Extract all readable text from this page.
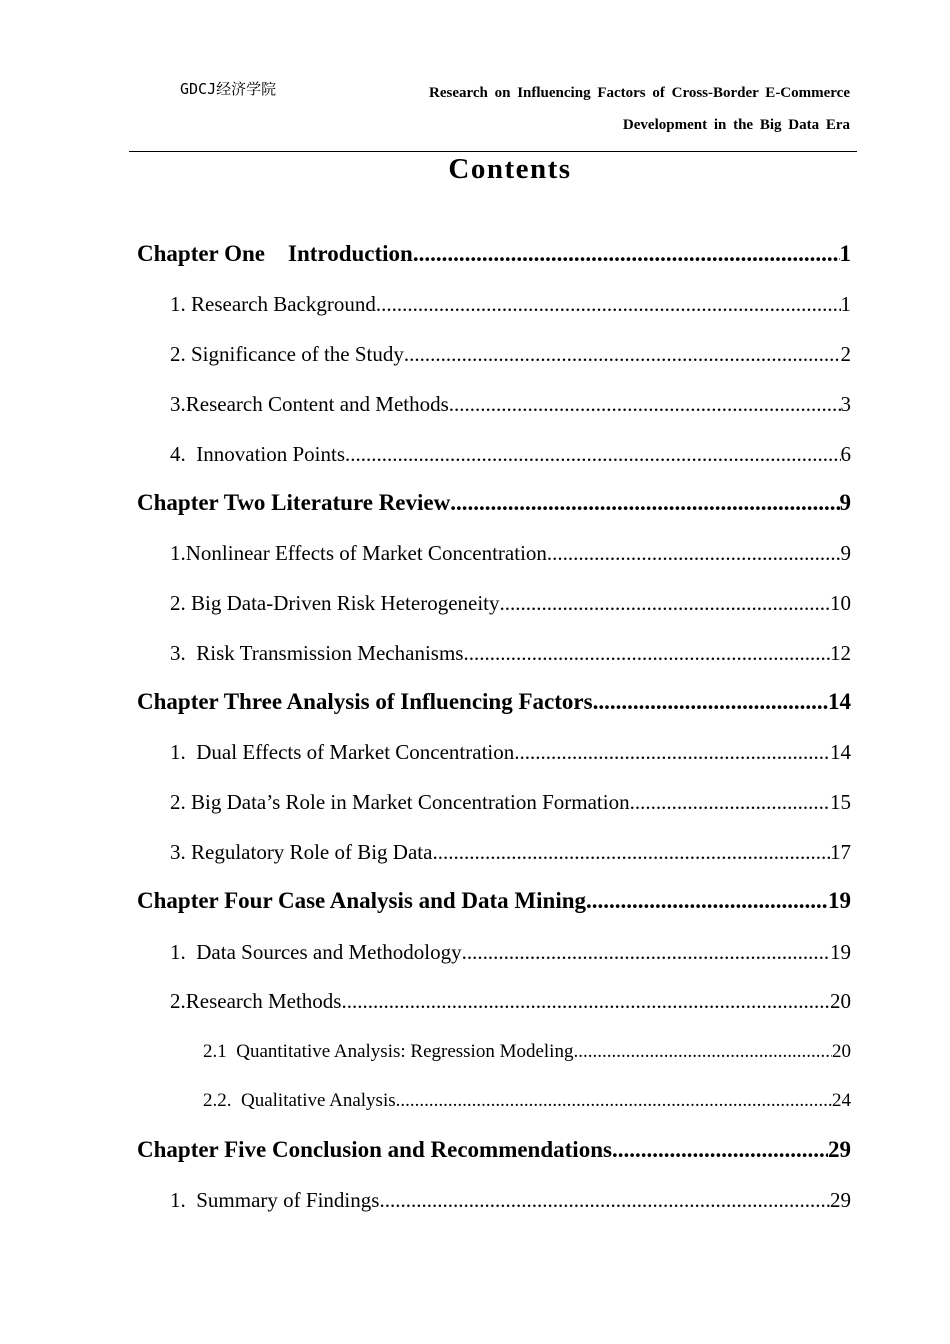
GDCJ经济学院	Research on Influencing Factors of Cross-Border E-Commerce
Development in the Big Data Era
Contents
Chapter One    Introduction .....	1
1. Research Background .....	1
2. Significance of the Study .....	2
3.Research Content and Methods .....	3
4.  Innovation Points .....	6
Chapter Two Literature Review .....	9
1.Nonlinear Effects of Market Concentration .....	9
2. Big Data-Driven Risk Heterogeneity .....	10
3.  Risk Transmission Mechanisms .....	12
Chapter Three Analysis of Influencing Factors .....	14
1.  Dual Effects of Market Concentration .....	14
2. Big Data’s Role in Market Concentration Formation .....	15
3. Regulatory Role of Big Data .....	17
Chapter Four Case Analysis and Data Mining .....	19
1.  Data Sources and Methodology .....	19
2.Research Methods .....	20
2.1  Quantitative Analysis: Regression Modeling .....	20
2.2.  Qualitative Analysis .....	24
Chapter Five Conclusion and Recommendations .....	29
1.  Summary of Findings .....	29
